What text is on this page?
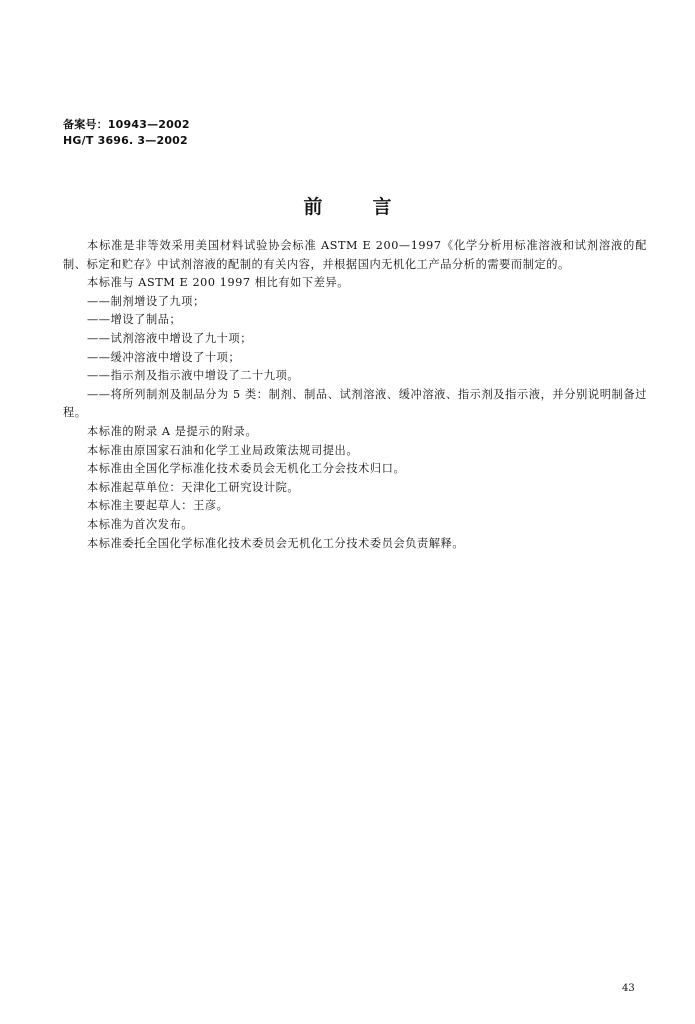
备案号：10943—2002
HG/T 3696. 3—2002
前言

本标准是非等效采用美国材料试验协会标准 ASTM E 200—1997《化学分析用标准溶液和试剂溶液的配制、标定和贮存》中试剂溶液的配制的有关内容，并根据国内无机化工产品分析的需要而制定的。

本标准与 ASTM E 200 1997 相比有如下差异。

——制剂增设了九项；

——增设了制品；

——试剂溶液中增设了九十项；

——缓冲溶液中增设了十项；

——指示剂及指示液中增设了二十九项。

——将所列制剂及制品分为 5 类：制剂、制品、试剂溶液、缓冲溶液、指示剂及指示液，并分别说明制备过程。

本标准的附录 A 是提示的附录。

本标准由原国家石油和化学工业局政策法规司提出。

本标准由全国化学标准化技术委员会无机化工分会技术归口。

本标准起草单位：天津化工研究设计院。

本标准主要起草人：王彦。

本标准为首次发布。

本标准委托全国化学标准化技术委员会无机化工分技术委员会负责解释。

43
